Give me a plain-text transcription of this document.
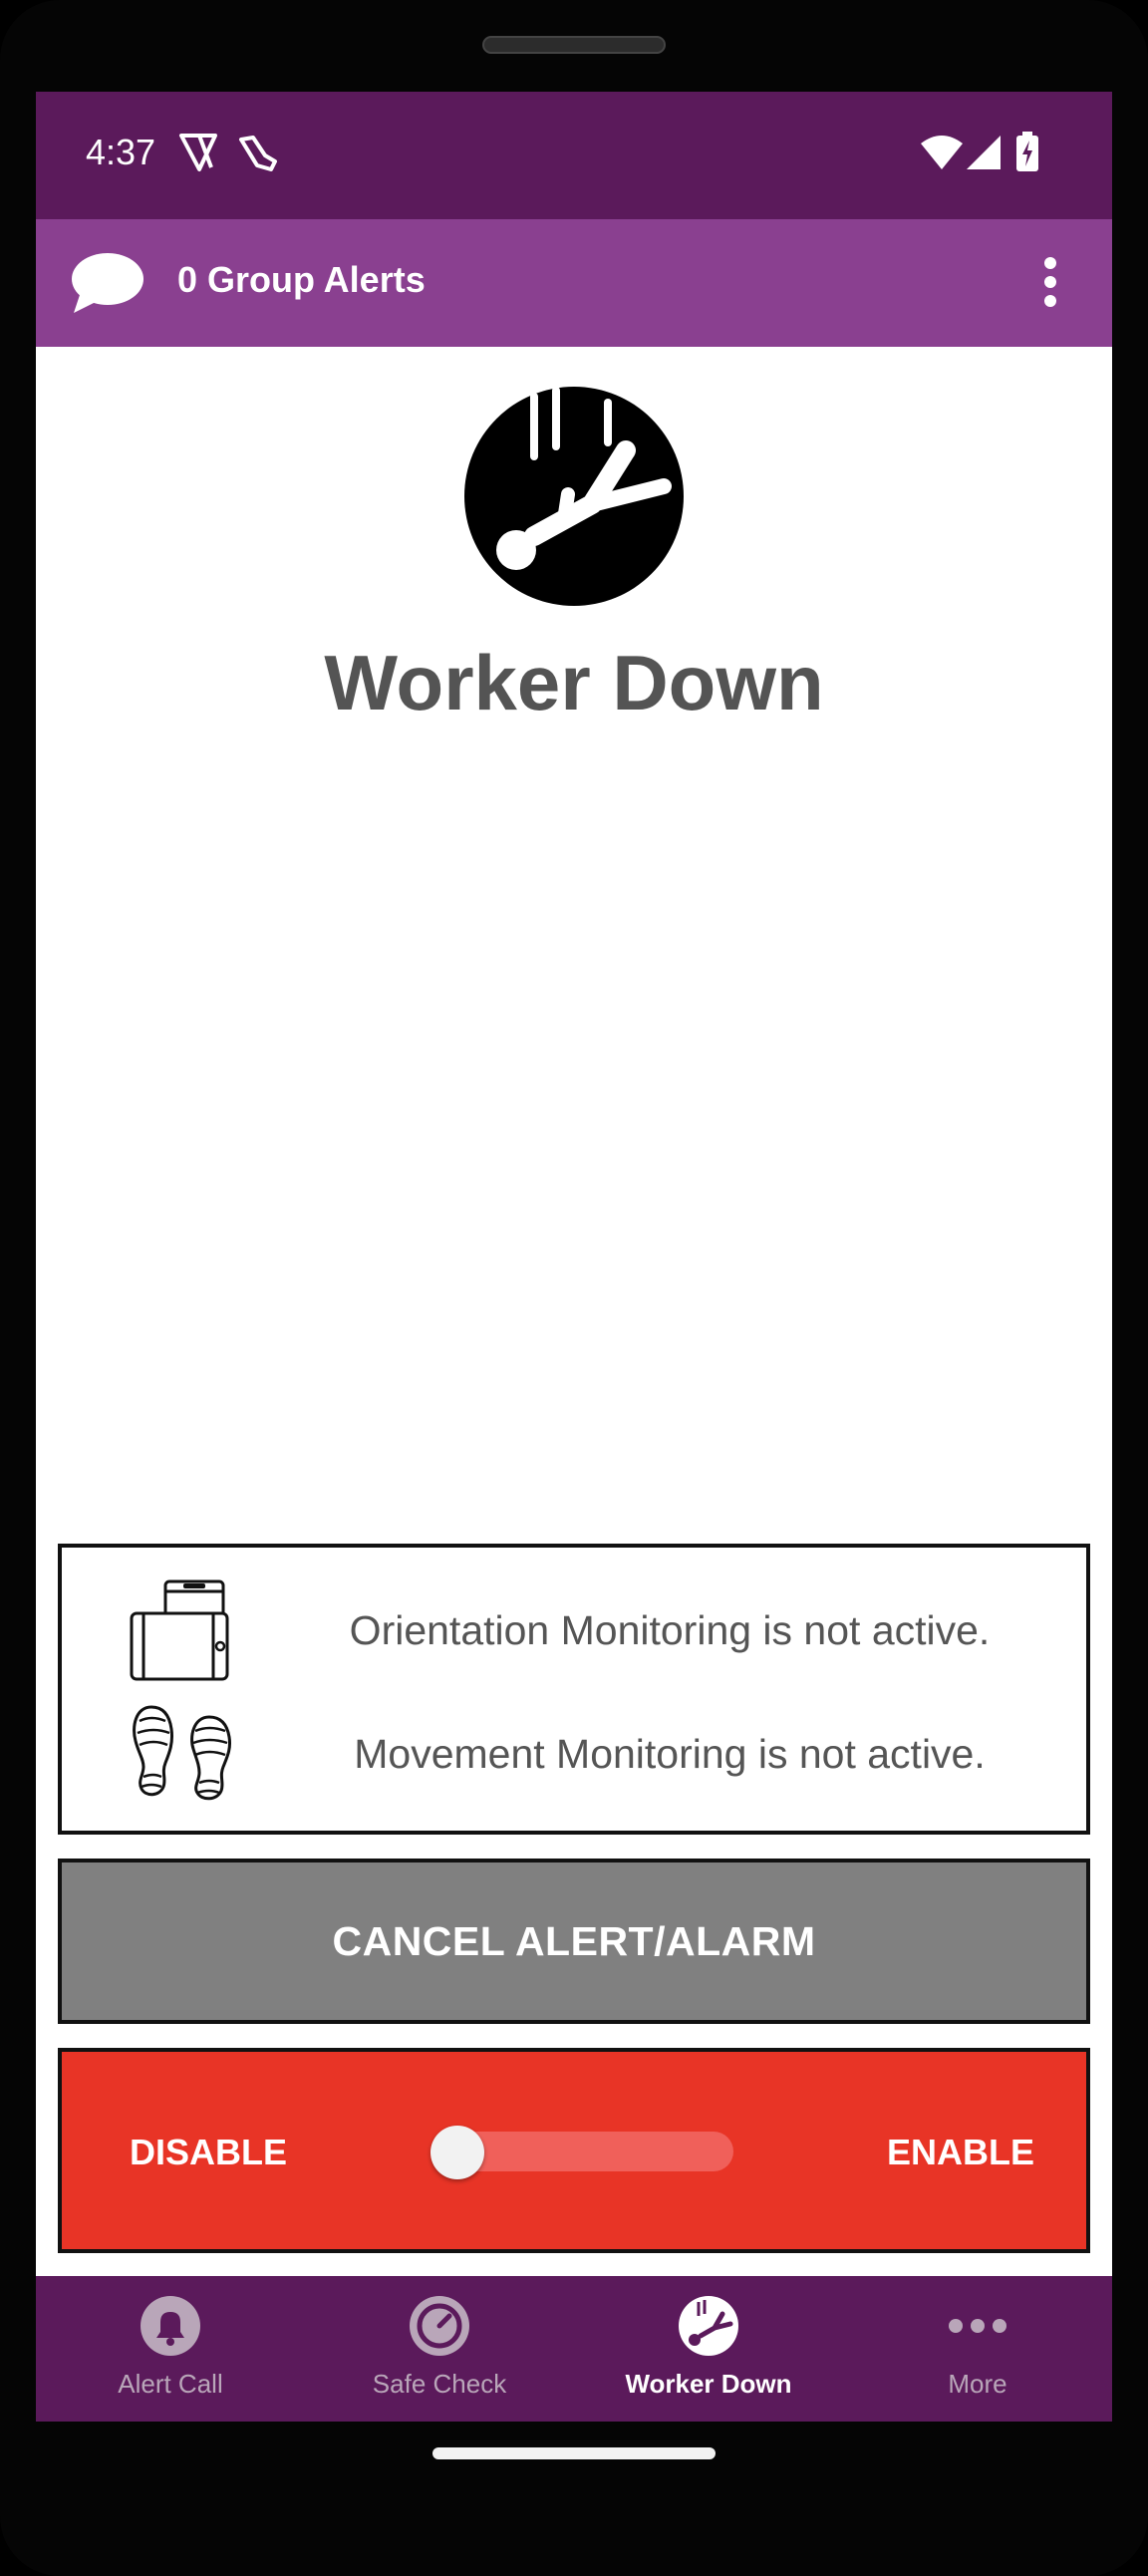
4:37
0 Group Alerts
Worker Down
Orientation Monitoring is not active.
Movement Monitoring is not active.
CANCEL ALERT/ALARM
DISABLE	ENABLE
Alert Call	Safe Check	Worker Down	More
